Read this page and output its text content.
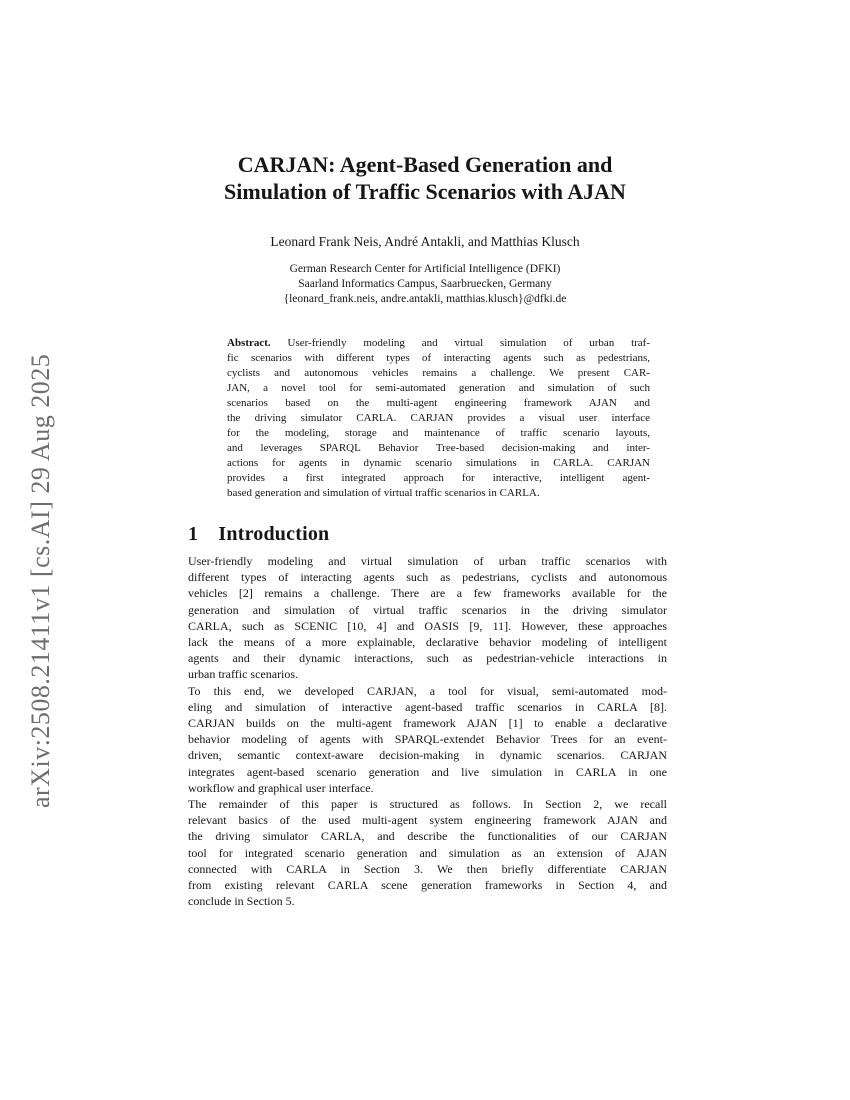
arXiv:2508.21411v1 [cs.AI] 29 Aug 2025
CARJAN: Agent-Based Generation and
Simulation of Traffic Scenarios with AJAN
Leonard Frank Neis, André Antakli, and Matthias Klusch
German Research Center for Artificial Intelligence (DFKI)
Saarland Informatics Campus, Saarbruecken, Germany
{leonard_frank.neis, andre.antakli, matthias.klusch}@dfki.de
Abstract. User-friendly modeling and virtual simulation of urban traf-
fic scenarios with different types of interacting agents such as pedestrians,
cyclists and autonomous vehicles remains a challenge. We present CAR-
JAN, a novel tool for semi-automated generation and simulation of such
scenarios based on the multi-agent engineering framework AJAN and
the driving simulator CARLA. CARJAN provides a visual user interface
for the modeling, storage and maintenance of traffic scenario layouts,
and leverages SPARQL Behavior Tree-based decision-making and inter-
actions for agents in dynamic scenario simulations in CARLA. CARJAN
provides a first integrated approach for interactive, intelligent agent-
based generation and simulation of virtual traffic scenarios in CARLA.
1 Introduction
User-friendly modeling and virtual simulation of urban traffic scenarios with
different types of interacting agents such as pedestrians, cyclists and autonomous
vehicles [2] remains a challenge. There are a few frameworks available for the
generation and simulation of virtual traffic scenarios in the driving simulator
CARLA, such as SCENIC [10, 4] and OASIS [9, 11]. However, these approaches
lack the means of a more explainable, declarative behavior modeling of intelligent
agents and their dynamic interactions, such as pedestrian-vehicle interactions in
urban traffic scenarios.
To this end, we developed CARJAN, a tool for visual, semi-automated mod-
eling and simulation of interactive agent-based traffic scenarios in CARLA [8].
CARJAN builds on the multi-agent framework AJAN [1] to enable a declarative
behavior modeling of agents with SPARQL-extendet Behavior Trees for an event-
driven, semantic context-aware decision-making in dynamic scenarios. CARJAN
integrates agent-based scenario generation and live simulation in CARLA in one
workflow and graphical user interface.
The remainder of this paper is structured as follows. In Section 2, we recall
relevant basics of the used multi-agent system engineering framework AJAN and
the driving simulator CARLA, and describe the functionalities of our CARJAN
tool for integrated scenario generation and simulation as an extension of AJAN
connected with CARLA in Section 3. We then briefly differentiate CARJAN
from existing relevant CARLA scene generation frameworks in Section 4, and
conclude in Section 5.
